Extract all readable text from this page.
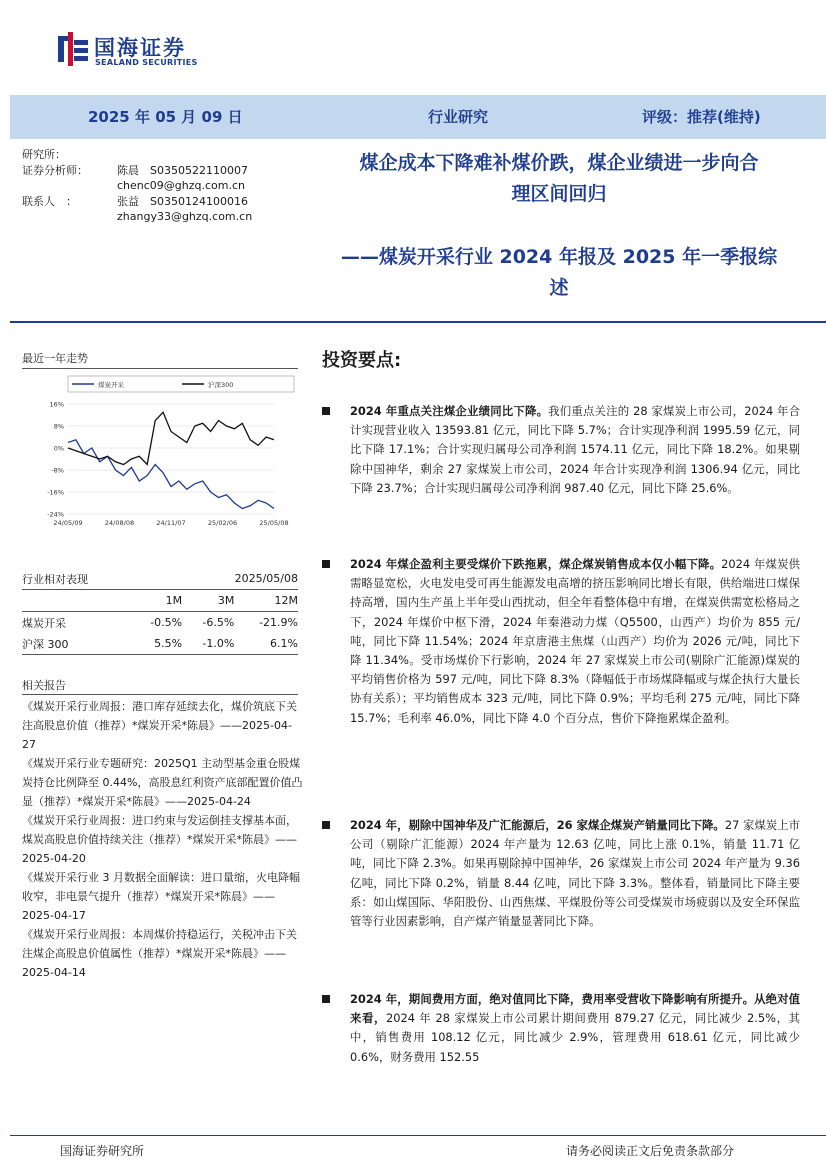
国海证券
SEALAND SECURITIES
2025 年 05 月 09 日	行业研究	评级：推荐(维持)
研究所：
证券分析师：	陈晨　S0350522110007
chenc09@ghzq.com.cn
联系人　：	张益　S0350124100016
zhangy33@ghzq.com.cn
煤企成本下降难补煤价跌，煤企业绩进一步向合
理区间回归
——煤炭开采行业 2024 年报及 2025 年一季报综
述
最近一年走势
煤炭开采	沪深300
16%
8%
0%
-8%
-16%
-24%
24/05/09	24/08/08	24/11/07	25/02/06	25/05/08
行业相对表现		2025/05/08	
	1M	3M	12M
煤炭开采	-0.5%	-6.5%	-21.9%
沪深 300	5.5%	-1.0%	6.1%
相关报告

《煤炭开采行业周报：港口库存延续去化，煤价筑底下关注高股息价值（推荐）*煤炭开采*陈晨》——2025-04-27

《煤炭开采行业专题研究：2025Q1 主动型基金重仓股煤炭持仓比例降至 0.44%，高股息红利资产底部配置价值凸显（推荐）*煤炭开采*陈晨》——2025-04-24

《煤炭开采行业周报：进口约束与发运倒挂支撑基本面，煤炭高股息价值持续关注（推荐）*煤炭开采*陈晨》——2025-04-20

《煤炭开采行业 3 月数据全面解读：进口量缩，火电降幅收窄，非电景气提升（推荐）*煤炭开采*陈晨》——2025-04-17

《煤炭开采行业周报：本周煤价持稳运行，关税冲击下关注煤企高股息价值属性（推荐）*煤炭开采*陈晨》——2025-04-14

投资要点:
2024 年重点关注煤企业绩同比下降。我们重点关注的 28 家煤炭上市公司，2024 年合计实现营业收入 13593.81 亿元，同比下降 5.7%；合计实现净利润 1995.59 亿元，同比下降 17.1%；合计实现归属母公司净利润 1574.11 亿元，同比下降 18.2%。如果剔除中国神华，剩余 27 家煤炭上市公司，2024 年合计实现净利润 1306.94 亿元，同比下降 23.7%；合计实现归属母公司净利润 987.40 亿元，同比下降 25.6%。
2024 年煤企盈利主要受煤价下跌拖累，煤企煤炭销售成本仅小幅下降。2024 年煤炭供需略显宽松，火电发电受可再生能源发电高增的挤压影响同比增长有限，供给端进口煤保持高增，国内生产虽上半年受山西扰动，但全年看整体稳中有增，在煤炭供需宽松格局之下，2024 年煤价中枢下滑，2024 年秦港动力煤（Q5500，山西产）均价为 855 元/吨，同比下降 11.54%；2024 年京唐港主焦煤（山西产）均价为 2026 元/吨，同比下降 11.34%。受市场煤价下行影响，2024 年 27 家煤炭上市公司(剔除广汇能源)煤炭的平均销售价格为 597 元/吨，同比下降 8.3%（降幅低于市场煤降幅或与煤企执行大量长协有关系）；平均销售成本 323 元/吨，同比下降 0.9%；平均毛利 275 元/吨，同比下降 15.7%；毛利率 46.0%，同比下降 4.0 个百分点，售价下降拖累煤企盈利。
2024 年，剔除中国神华及广汇能源后，26 家煤企煤炭产销量同比下降。27 家煤炭上市公司（剔除广汇能源）2024 年产量为 12.63 亿吨，同比上涨 0.1%，销量 11.71 亿吨，同比下降 2.3%。如果再剔除掉中国神华，26 家煤炭上市公司 2024 年产量为 9.36 亿吨，同比下降 0.2%，销量 8.44 亿吨，同比下降 3.3%。整体看，销量同比下降主要系：如山煤国际、华阳股份、山西焦煤、平煤股份等公司受煤炭市场疲弱以及安全环保监管等行业因素影响，自产煤产销量显著同比下降。
2024 年，期间费用方面，绝对值同比下降，费用率受营收下降影响有所提升。从绝对值来看，2024 年 28 家煤炭上市公司累计期间费用 879.27 亿元，同比减少 2.5%，其中，销售费用 108.12 亿元，同比减少 2.9%，管理费用 618.61 亿元，同比减少 0.6%，财务费用 152.55
国海证券研究所	请务必阅读正文后免责条款部分
